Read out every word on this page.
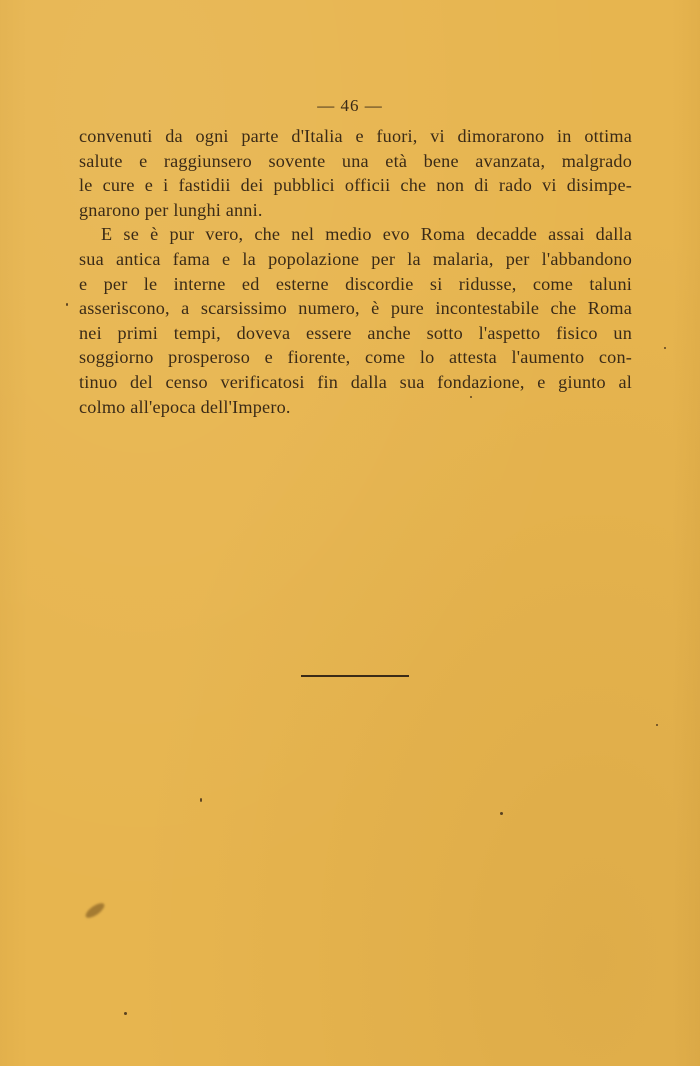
— 46 —
convenuti da ogni parte d'Italia e fuori, vi dimorarono in ottima
salute e raggiunsero sovente una età bene avanzata, malgrado
le cure e i fastidii dei pubblici officii che non di rado vi disimpe-
gnarono per lunghi anni.
E se è pur vero, che nel medio evo Roma decadde assai dalla
sua antica fama e la popolazione per la malaria, per l'abbandono
e per le interne ed esterne discordie si ridusse, come taluni
asseriscono, a scarsissimo numero, è pure incontestabile che Roma
nei primi tempi, doveva essere anche sotto l'aspetto fisico un
soggiorno prosperoso e fiorente, come lo attesta l'aumento con-
tinuo del censo verificatosi fin dalla sua fondazione, e giunto al
colmo all'epoca dell'Impero.
